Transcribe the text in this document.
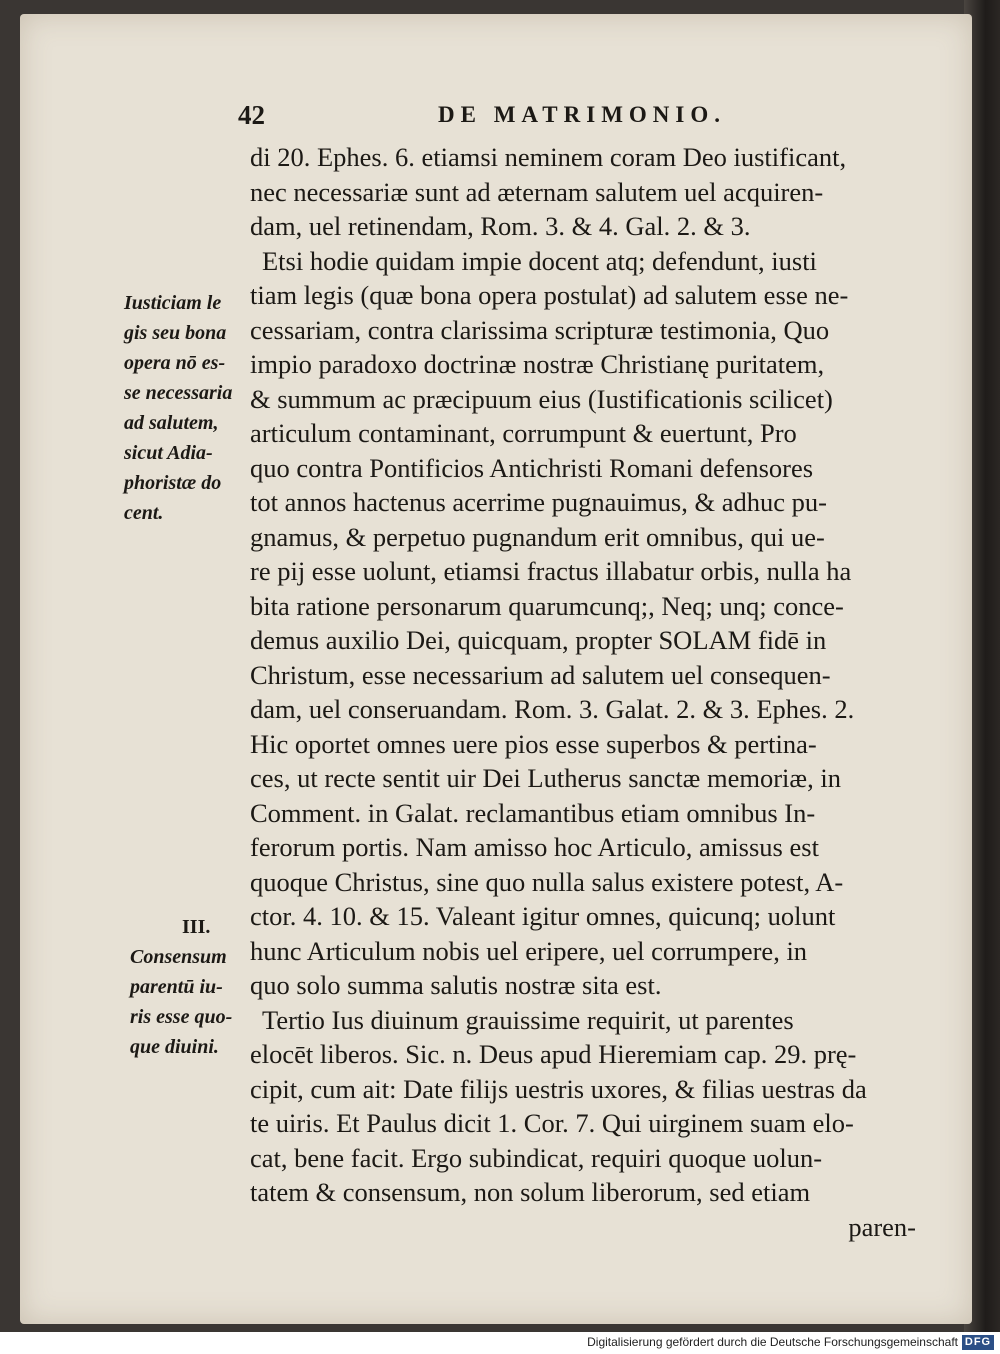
42	DE MATRIMONIO.
di 20. Ephes. 6. etiamsi neminem coram Deo iustificant,
nec necessariæ sunt ad æternam salutem uel acquiren-
dam, uel retinendam, Rom. 3. & 4. Gal. 2. & 3.
Etsi hodie quidam impie docent atq; defendunt, iusti
tiam legis (quæ bona opera postulat) ad salutem esse ne-
cessariam, contra clarissima scripturæ testimonia, Quo
impio paradoxo doctrinæ nostræ Christianę puritatem,
& summum ac præcipuum eius (Iustificationis scilicet)
articulum contaminant, corrumpunt & euertunt, Pro
quo contra Pontificios Antichristi Romani defensores
tot annos hactenus acerrime pugnauimus, & adhuc pu-
gnamus, & perpetuo pugnandum erit omnibus, qui ue-
re pij esse uolunt, etiamsi fractus illabatur orbis, nulla ha
bita ratione personarum quarumcunq;, Neq; unq; conce-
demus auxilio Dei, quicquam, propter SOLAM fidē in
Christum, esse necessarium ad salutem uel consequen-
dam, uel conseruandam. Rom. 3. Galat. 2. & 3. Ephes. 2.
Hic oportet omnes uere pios esse superbos & pertina-
ces, ut recte sentit uir Dei Lutherus sanctæ memoriæ, in
Comment. in Galat. reclamantibus etiam omnibus In-
ferorum portis. Nam amisso hoc Articulo, amissus est
quoque Christus, sine quo nulla salus existere potest, A-
ctor. 4. 10. & 15. Valeant igitur omnes, quicunq; uolunt
hunc Articulum nobis uel eripere, uel corrumpere, in
quo solo summa salutis nostræ sita est.
Tertio Ius diuinum grauissime requirit, ut parentes
elocēt liberos. Sic. n. Deus apud Hieremiam cap. 29. prę-
cipit, cum ait: Date filijs uestris uxores, & filias uestras da
te uiris. Et Paulus dicit 1. Cor. 7. Qui uirginem suam elo-
cat, bene facit. Ergo subindicat, requiri quoque uolun-
tatem & consensum, non solum liberorum, sed etiam
paren-
Iusticiam le
gis seu bona
opera nō es-
se necessaria
ad salutem,
sicut Adia-
phoristæ do
cent.
III.
Consensum
parentū iu-
ris esse quo-
que diuini.
Digitalisierung gefördert durch die Deutsche Forschungsgemeinschaft DFG
